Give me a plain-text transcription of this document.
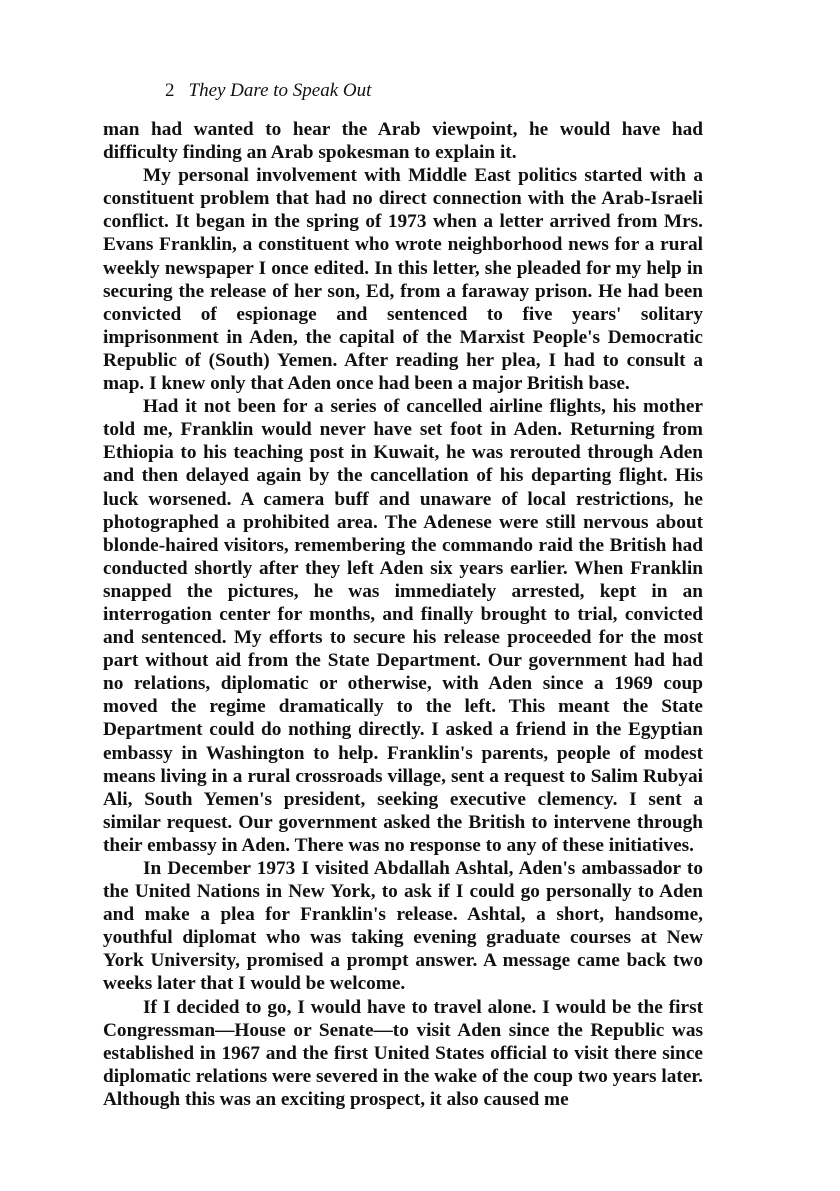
2 They Dare to Speak Out

man had wanted to hear the Arab viewpoint, he would have had difficulty finding an Arab spokesman to explain it.

My personal involvement with Middle East politics started with a constituent problem that had no direct connection with the Arab-Israeli conflict. It began in the spring of 1973 when a letter arrived from Mrs. Evans Franklin, a constituent who wrote neighborhood news for a rural weekly newspaper I once edited. In this letter, she pleaded for my help in securing the release of her son, Ed, from a faraway prison. He had been convicted of espionage and sentenced to five years' solitary imprisonment in Aden, the capital of the Marxist People's Democratic Republic of (South) Yemen. After reading her plea, I had to consult a map. I knew only that Aden once had been a major British base.

Had it not been for a series of cancelled airline flights, his mother told me, Franklin would never have set foot in Aden. Returning from Ethiopia to his teaching post in Kuwait, he was rerouted through Aden and then delayed again by the cancellation of his departing flight. His luck worsened. A camera buff and unaware of local restrictions, he photographed a prohibited area. The Adenese were still nervous about blonde-haired visitors, remembering the commando raid the British had conducted shortly after they left Aden six years earlier. When Franklin snapped the pictures, he was immediately arrested, kept in an interrogation center for months, and finally brought to trial, convicted and sentenced. My efforts to secure his release proceeded for the most part without aid from the State Department. Our government had had no relations, diplomatic or otherwise, with Aden since a 1969 coup moved the regime dramatically to the left. This meant the State Department could do nothing directly. I asked a friend in the Egyptian embassy in Washington to help. Franklin's parents, people of modest means living in a rural crossroads village, sent a request to Salim Rubyai Ali, South Yemen's president, seeking executive clemency. I sent a similar request. Our government asked the British to intervene through their embassy in Aden. There was no response to any of these initiatives.

In December 1973 I visited Abdallah Ashtal, Aden's ambassador to the United Nations in New York, to ask if I could go personally to Aden and make a plea for Franklin's release. Ashtal, a short, handsome, youthful diplomat who was taking evening graduate courses at New York University, promised a prompt answer. A message came back two weeks later that I would be welcome.

If I decided to go, I would have to travel alone. I would be the first Congressman—House or Senate—to visit Aden since the Republic was established in 1967 and the first United States official to visit there since diplomatic relations were severed in the wake of the coup two years later. Although this was an exciting prospect, it also caused me
